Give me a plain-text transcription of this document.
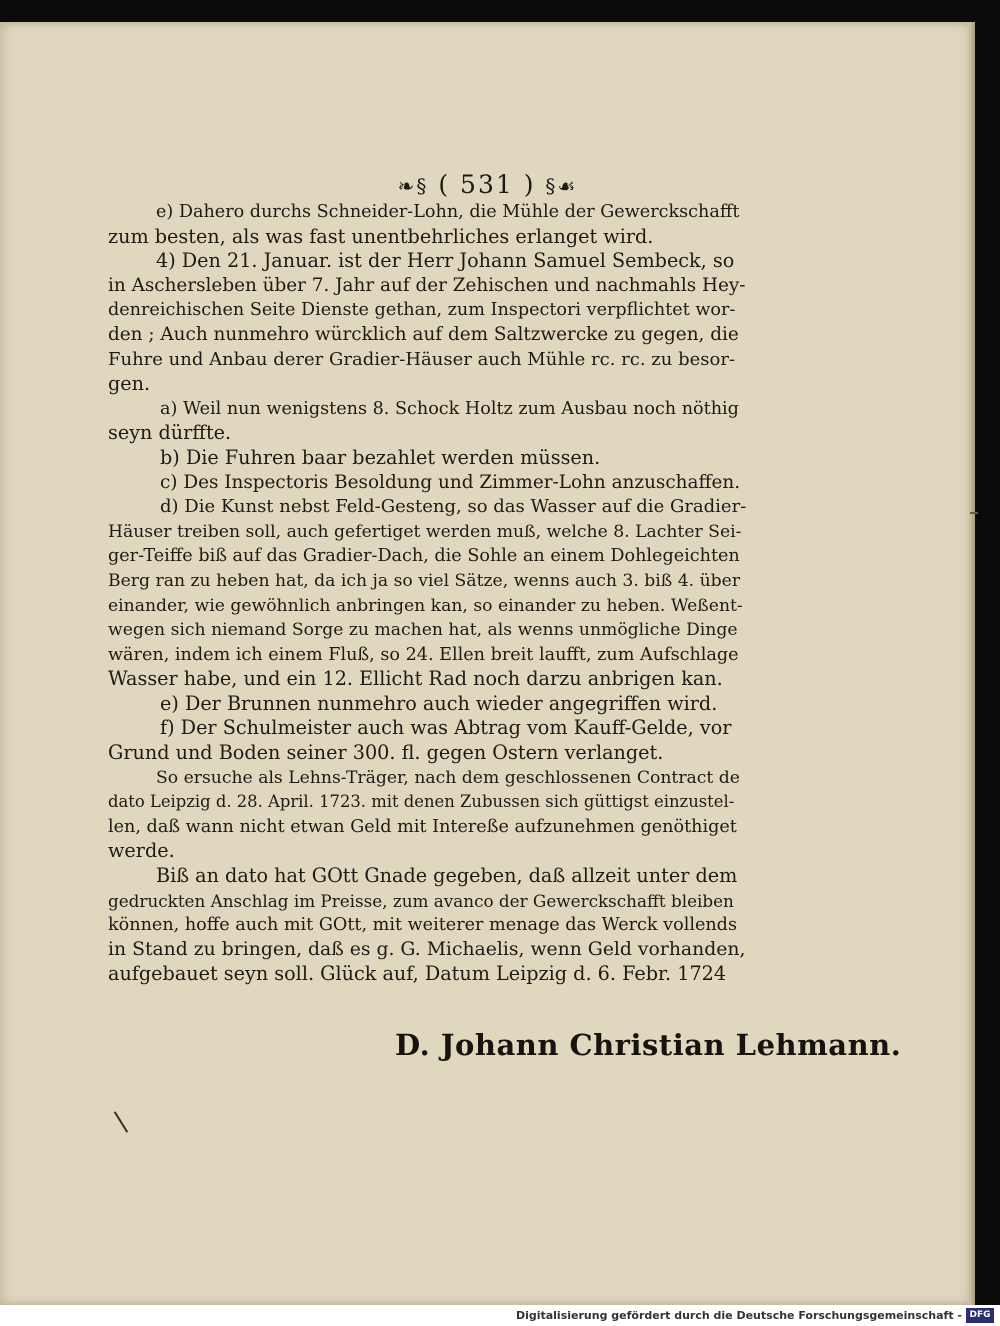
❧§ ( 531 ) §☙
e) Dahero durchs Schneider-Lohn, die Mühle der Gewerckschafft
zum besten, als was fast unentbehrliches erlanget wird.
4) Den 21. Januar. ist der Herr Johann Samuel Sembeck, so
in Aschersleben über 7. Jahr auf der Zehischen und nachmahls Hey-
denreichischen Seite Dienste gethan, zum Inspectori verpflichtet wor-
den ; Auch nunmehro würcklich auf dem Saltzwercke zu gegen, die
Fuhre und Anbau derer Gradier-Häuser auch Mühle rc. rc. zu besor-
gen.
a) Weil nun wenigstens 8. Schock Holtz zum Ausbau noch nöthig
seyn dürffte.
b) Die Fuhren baar bezahlet werden müssen.
c) Des Inspectoris Besoldung und Zimmer-Lohn anzuschaffen.
d) Die Kunst nebst Feld-Gesteng, so das Wasser auf die Gradier-
Häuser treiben soll, auch gefertiget werden muß, welche 8. Lachter Sei-
ger-Teiffe biß auf das Gradier-Dach, die Sohle an einem Dohlegeichten
Berg ran zu heben hat, da ich ja so viel Sätze, wenns auch 3. biß 4. über
einander, wie gewöhnlich anbringen kan, so einander zu heben. Weßent-
wegen sich niemand Sorge zu machen hat, als wenns unmögliche Dinge
wären, indem ich einem Fluß, so 24. Ellen breit laufft, zum Aufschlage
Wasser habe, und ein 12. Ellicht Rad noch darzu anbrigen kan.
e) Der Brunnen nunmehro auch wieder angegriffen wird.
f) Der Schulmeister auch was Abtrag vom Kauff-Gelde, vor
Grund und Boden seiner 300. fl. gegen Ostern verlanget.
So ersuche als Lehns-Träger, nach dem geschlossenen Contract de
dato Leipzig d. 28. April. 1723. mit denen Zubussen sich güttigst einzustel-
len, daß wann nicht etwan Geld mit Intereße aufzunehmen genöthiget
werde.
Biß an dato hat GOtt Gnade gegeben, daß allzeit unter dem
gedruckten Anschlag im Preisse, zum avanco der Gewerckschafft bleiben
können, hoffe auch mit GOtt, mit weiterer menage das Werck vollends
in Stand zu bringen, daß es g. G. Michaelis, wenn Geld vorhanden,
aufgebauet seyn soll. Glück auf, Datum Leipzig d. 6. Febr. 1724
D. Johann Christian Lehmann.
Digitalisierung gefördert durch die Deutsche Forschungsgemeinschaft - DFG
